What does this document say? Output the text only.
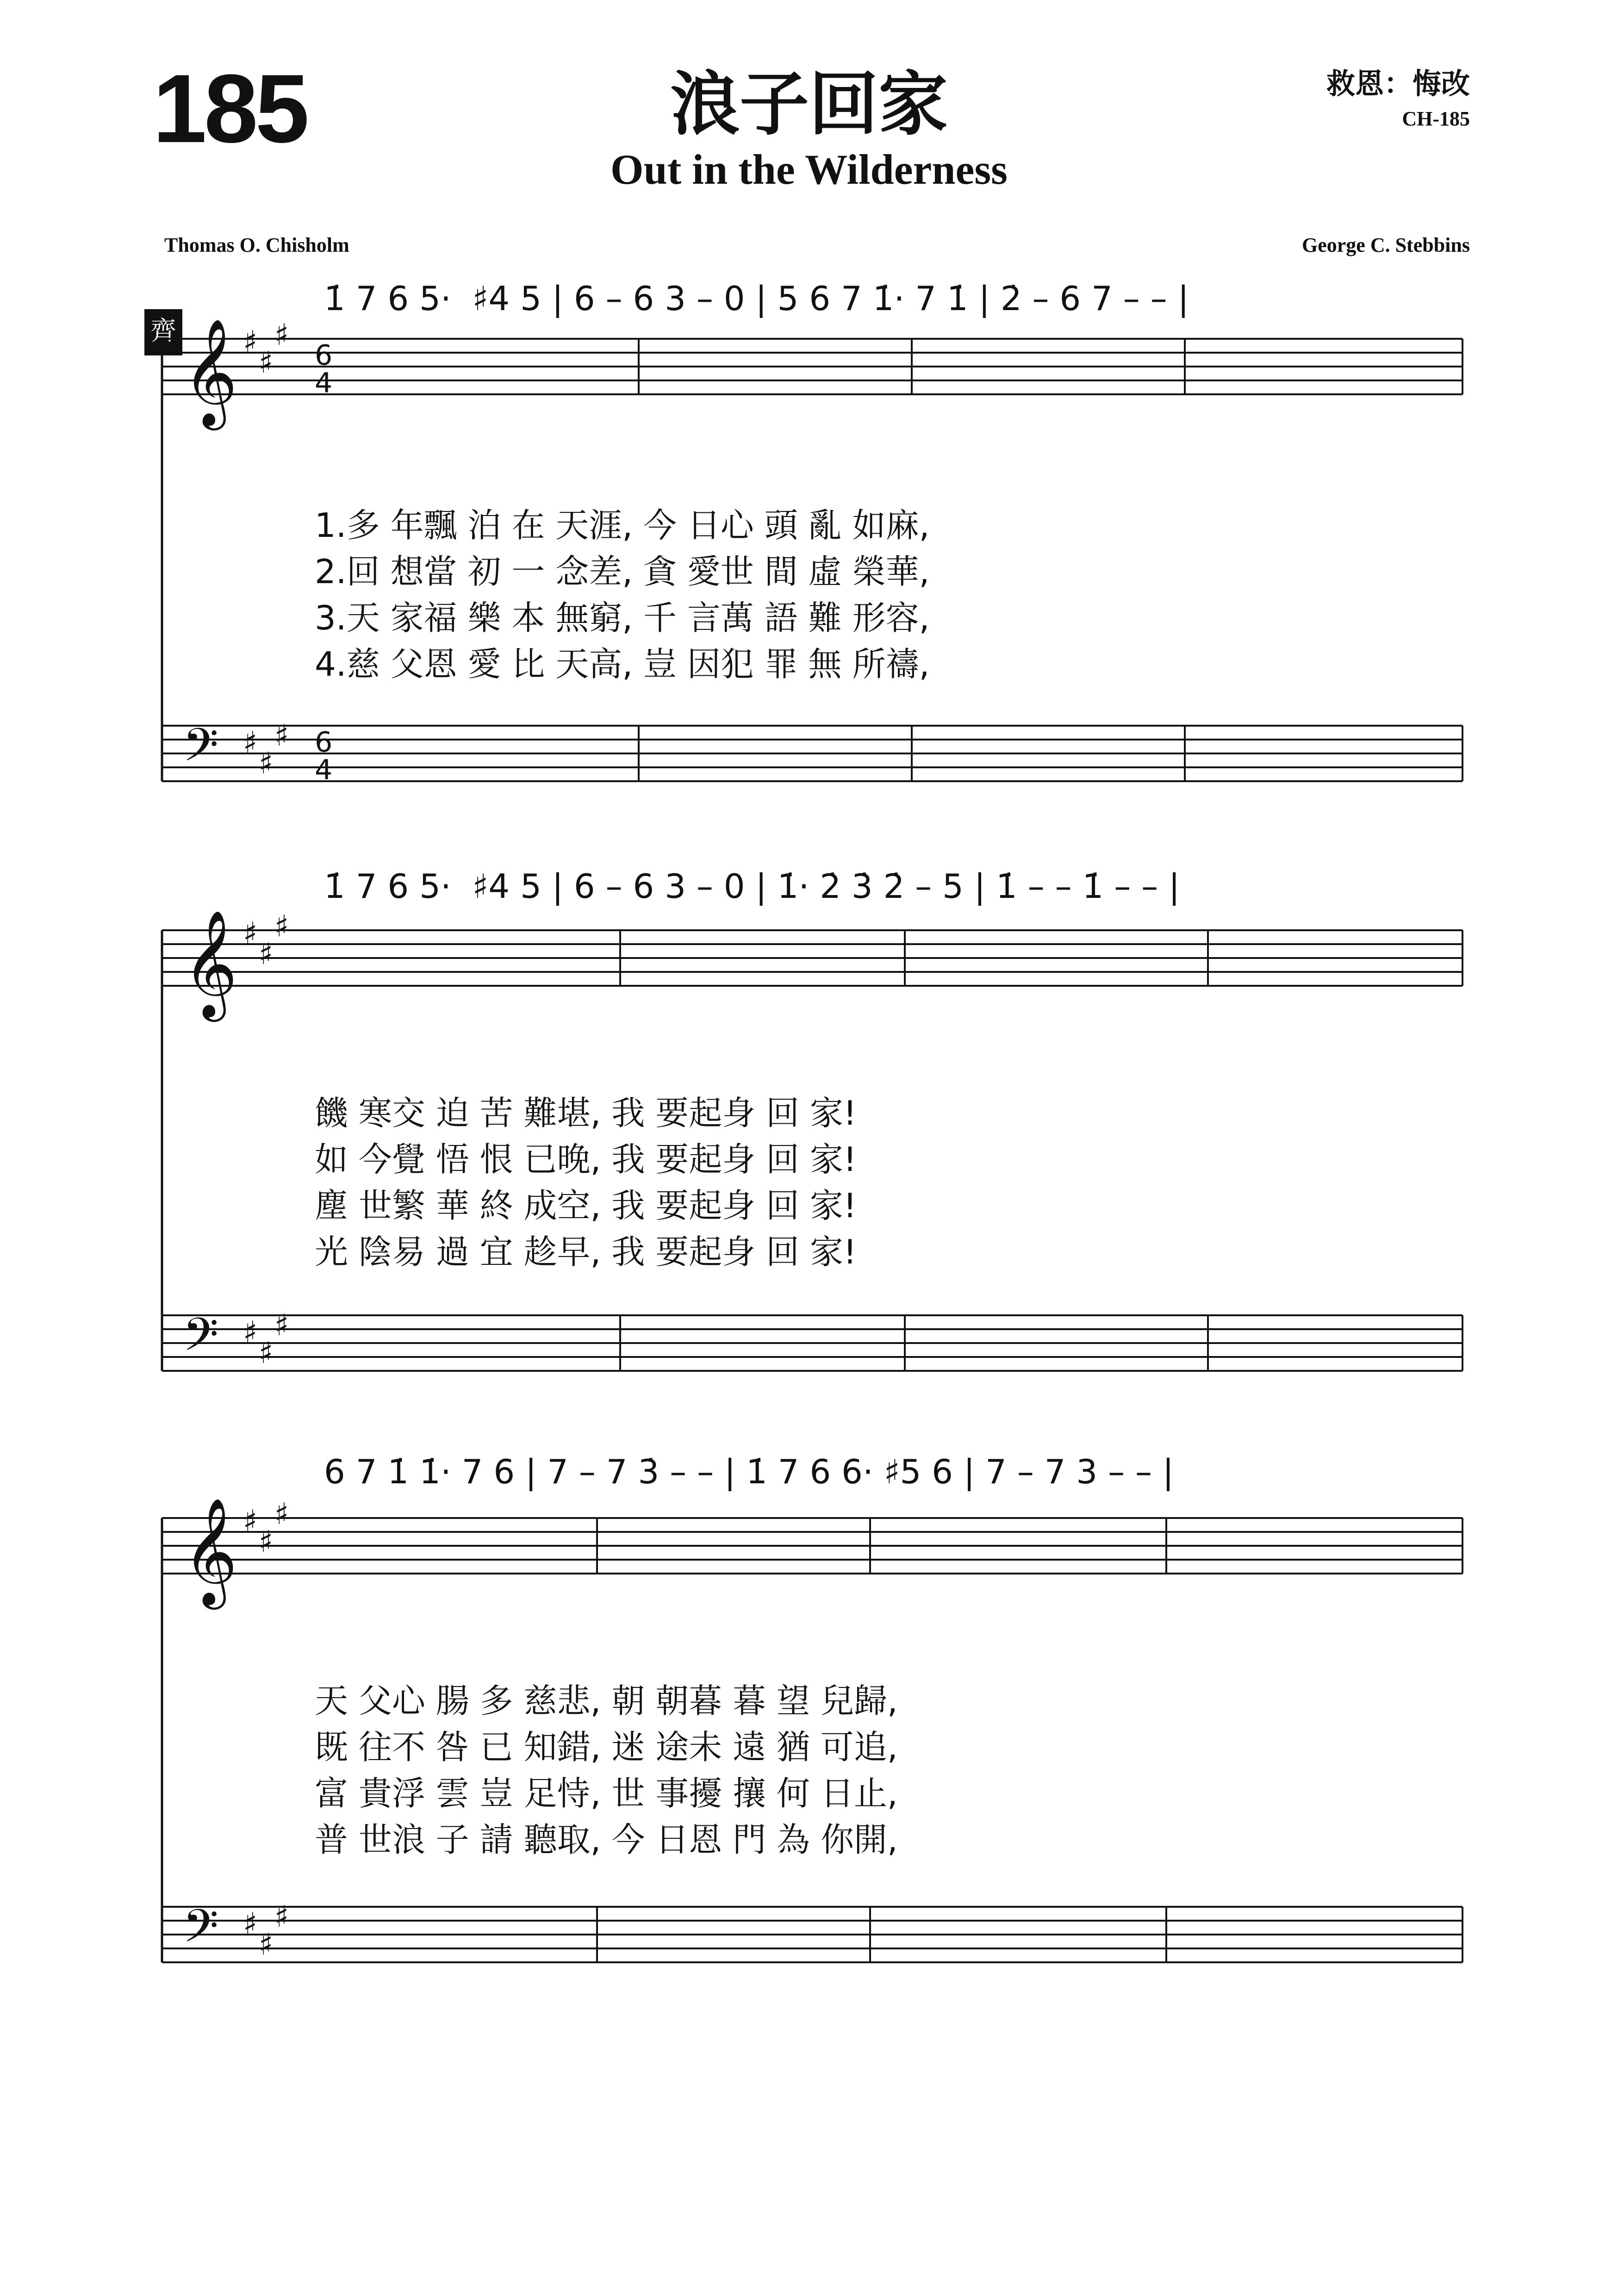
185	浪子回家
Out in the Wilderness
救恩：悔改
CH-185
Thomas O. Chisholm	George C. Stebbins
齊 𝄞
𝄢
♯
♯
♯
♯
♯
♯
6
4
6
4
𝄞
𝄢
♯
♯
♯
♯
♯
♯
𝄞
𝄢
♯
♯
♯
♯
♯
♯
1̇ 7 6 5·  ♯4 5 | 6 – 6 3 – 0 | 5 6 7 1̇· 7 1̇ | 2̇ – 6 7 – – |
1.多 年飄 泊 在 天涯, 今 日心 頭 亂 如麻,
2.回 想當 初 一 念差, 貪 愛世 間 虛 榮華,
3.天 家福 樂 本 無窮, 千 言萬 語 難 形容,
4.慈 父恩 愛 比 天高, 豈 因犯 罪 無 所禱,
1̇ 7 6 5·  ♯4 5 | 6 – 6 3 – 0 | 1̇· 2̇ 3̇ 2̇ – 5 | 1̇ – – 1̇ – – |
饑 寒交 迫 苦 難堪, 我 要起身 回 家!
如 今覺 悟 恨 已晚, 我 要起身 回 家!
塵 世繁 華 終 成空, 我 要起身 回 家!
光 陰易 過 宜 趁早, 我 要起身 回 家!
6 7 1̇ 1̇· 7 6 | 7 – 7 3̇ – – | 1̇ 7 6 6· ♯5 6 | 7 – 7 3 – – |
天 父心 腸 多 慈悲, 朝 朝暮 暮 望 兒歸,
既 往不 咎 已 知錯, 迷 途未 遠 猶 可追,
富 貴浮 雲 豈 足恃, 世 事擾 攘 何 日止,
普 世浪 子 請 聽取, 今 日恩 門 為 你開,
